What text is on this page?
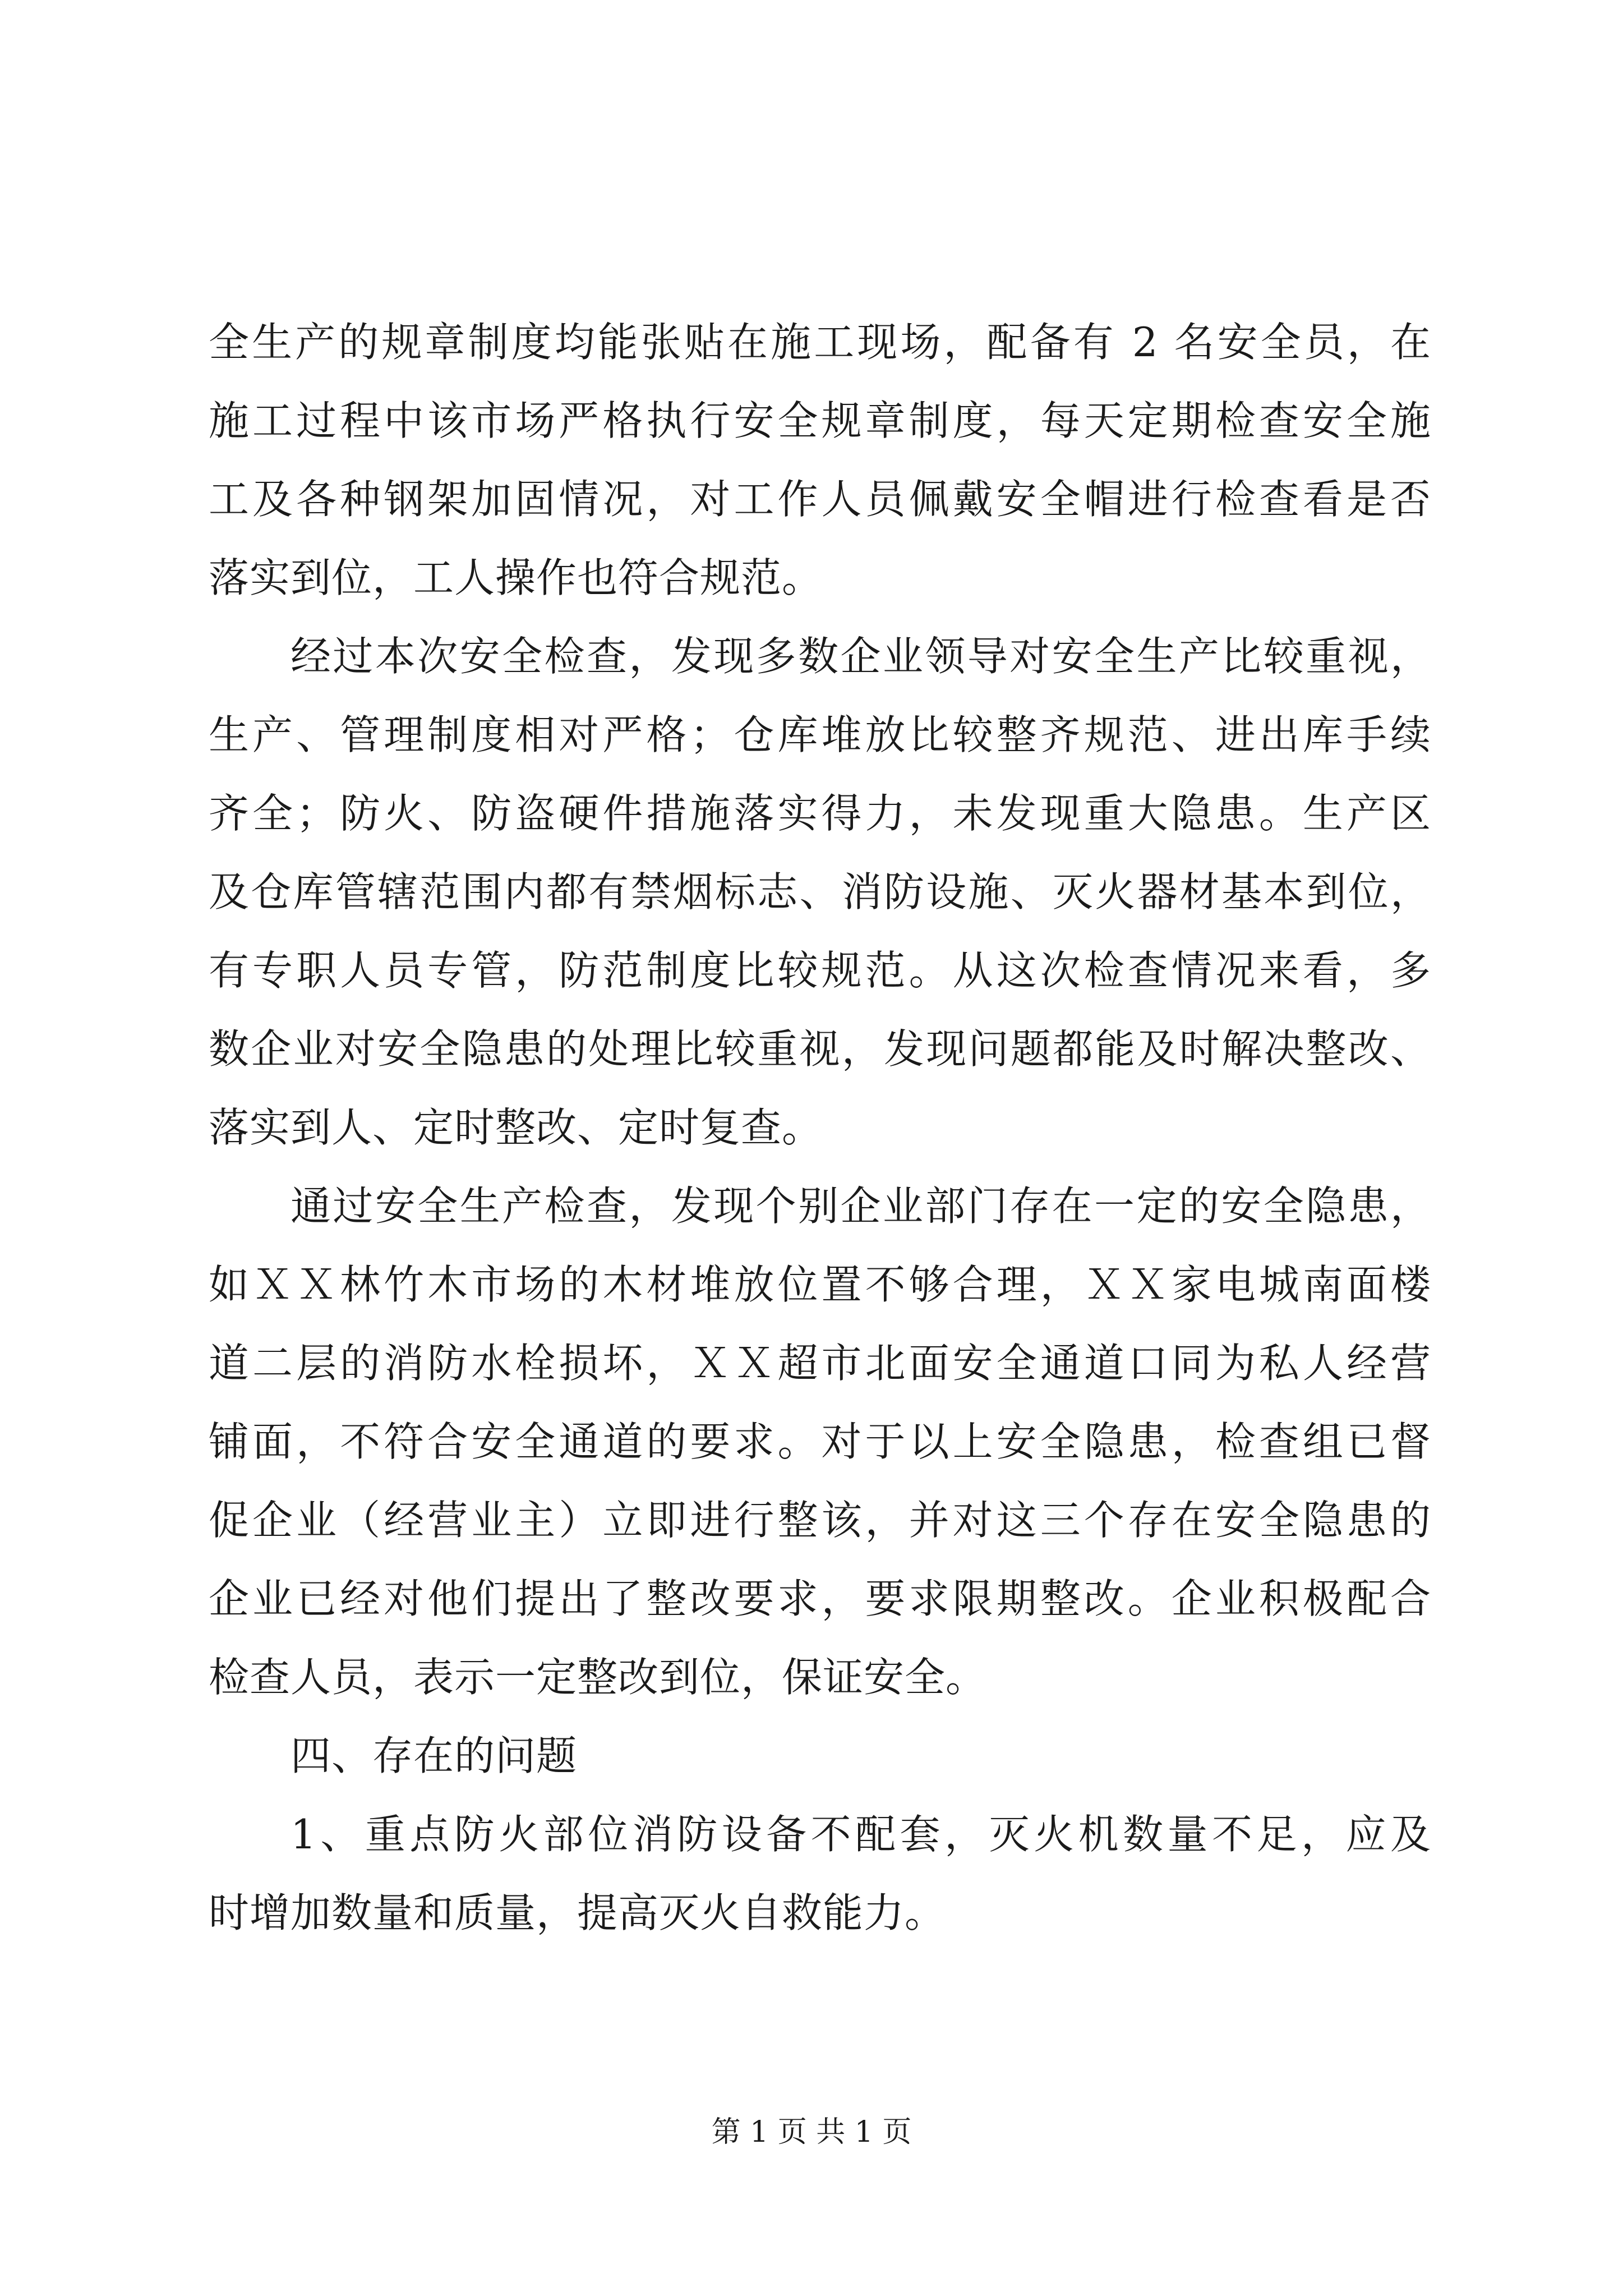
全生产的规章制度均能张贴在施工现场，配备有 2 名安全员，在
施工过程中该市场严格执行安全规章制度，每天定期检查安全施
工及各种钢架加固情况，对工作人员佩戴安全帽进行检查看是否
落实到位，工人操作也符合规范。
经过本次安全检查，发现多数企业领导对安全生产比较重视，
生产、管理制度相对严格；仓库堆放比较整齐规范、进出库手续
齐全；防火、防盗硬件措施落实得力，未发现重大隐患。生产区
及仓库管辖范围内都有禁烟标志、消防设施、灭火器材基本到位，
有专职人员专管，防范制度比较规范。从这次检查情况来看，多
数企业对安全隐患的处理比较重视，发现问题都能及时解决整改、
落实到人、定时整改、定时复查。
通过安全生产检查，发现个别企业部门存在一定的安全隐患，
如ＸＸ林竹木市场的木材堆放位置不够合理，ＸＸ家电城南面楼
道二层的消防水栓损坏，ＸＸ超市北面安全通道口同为私人经营
铺面，不符合安全通道的要求。对于以上安全隐患，检查组已督
促企业（经营业主）立即进行整该，并对这三个存在安全隐患的
企业已经对他们提出了整改要求，要求限期整改。企业积极配合
检查人员，表示一定整改到位，保证安全。
四、存在的问题
1、重点防火部位消防设备不配套，灭火机数量不足，应及
时增加数量和质量，提高灭火自救能力。
第 1 页 共 1 页
